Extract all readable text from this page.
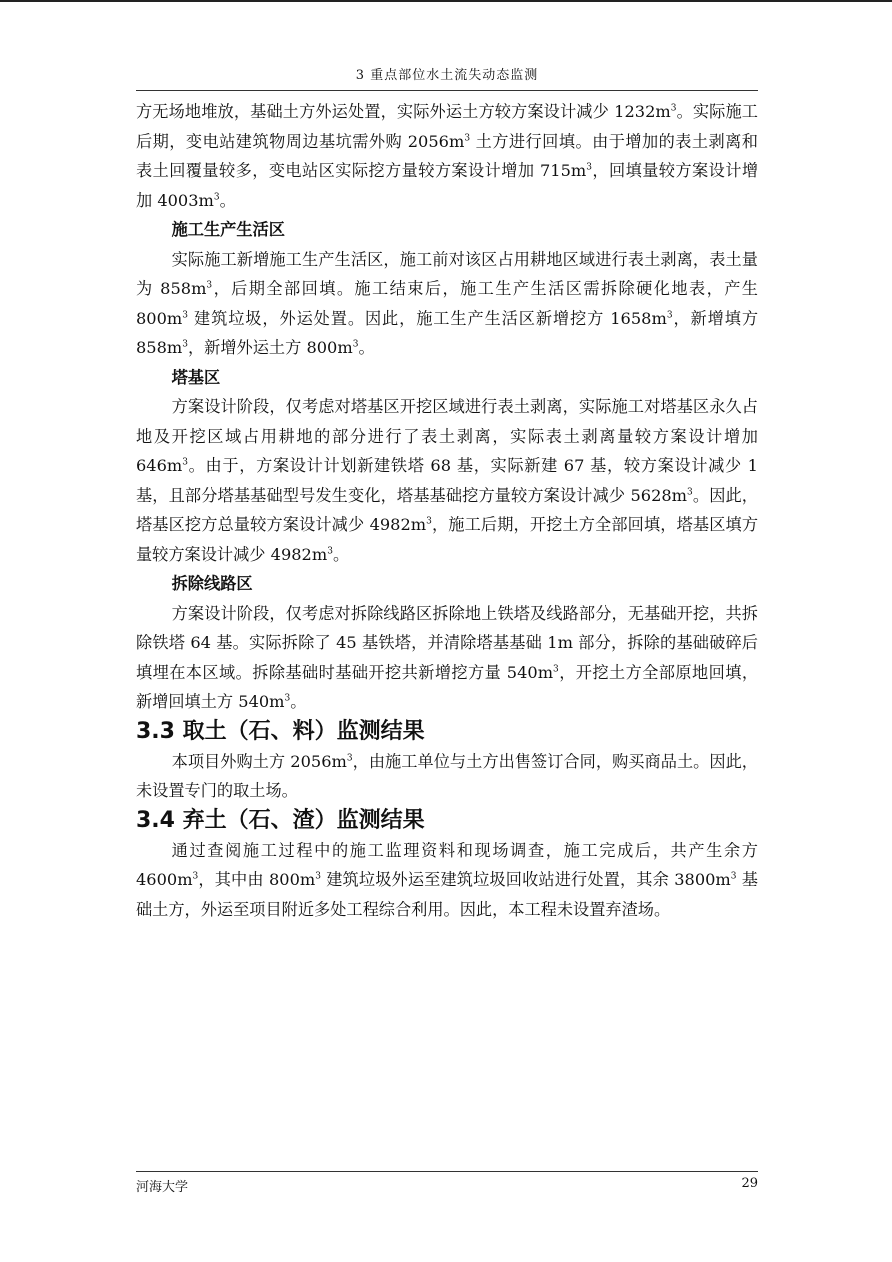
3 重点部位水土流失动态监测

方无场地堆放，基础土方外运处置，实际外运土方较方案设计减少 $1232m^3$。实际施工后期，变电站建筑物周边基坑需外购 $2056m^3$ 土方进行回填。由于增加的表土剥离和表土回覆量较多，变电站区实际挖方量较方案设计增加 $715m^3$，回填量较方案设计增加 $4003m^3$。

施工生产生活区

实际施工新增施工生产生活区，施工前对该区占用耕地区域进行表土剥离，表土量为 $858m^3$，后期全部回填。施工结束后，施工生产生活区需拆除硬化地表，产生 $800m^3$ 建筑垃圾，外运处置。因此，施工生产生活区新增挖方 $1658m^3$，新增填方 $858m^3$，新增外运土方 $800m^3$。

塔基区

方案设计阶段，仅考虑对塔基区开挖区域进行表土剥离，实际施工对塔基区永久占地及开挖区域占用耕地的部分进行了表土剥离，实际表土剥离量较方案设计增加 $646m^3$。由于，方案设计计划新建铁塔 68 基，实际新建 67 基，较方案设计减少 1 基，且部分塔基基础型号发生变化，塔基基础挖方量较方案设计减少 $5628m^3$。因此，塔基区挖方总量较方案设计减少 $4982m^3$，施工后期，开挖土方全部回填，塔基区填方量较方案设计减少 $4982m^3$。

拆除线路区

方案设计阶段，仅考虑对拆除线路区拆除地上铁塔及线路部分，无基础开挖，共拆除铁塔 64 基。实际拆除了 45 基铁塔，并清除塔基基础 1m 部分，拆除的基础破碎后填埋在本区域。拆除基础时基础开挖共新增挖方量 $540m^3$，开挖土方全部原地回填，新增回填土方 $540m^3$。

3.3 取土（石、料）监测结果

本项目外购土方 $2056m^3$，由施工单位与土方出售签订合同，购买商品土。因此，未设置专门的取土场。

3.4 弃土（石、渣）监测结果

通过查阅施工过程中的施工监理资料和现场调查，施工完成后，共产生余方 $4600m^3$，其中由 $800m^3$ 建筑垃圾外运至建筑垃圾回收站进行处置，其余 $3800m^3$ 基础土方，外运至项目附近多处工程综合利用。因此，本工程未设置弃渣场。

河海大学	29
